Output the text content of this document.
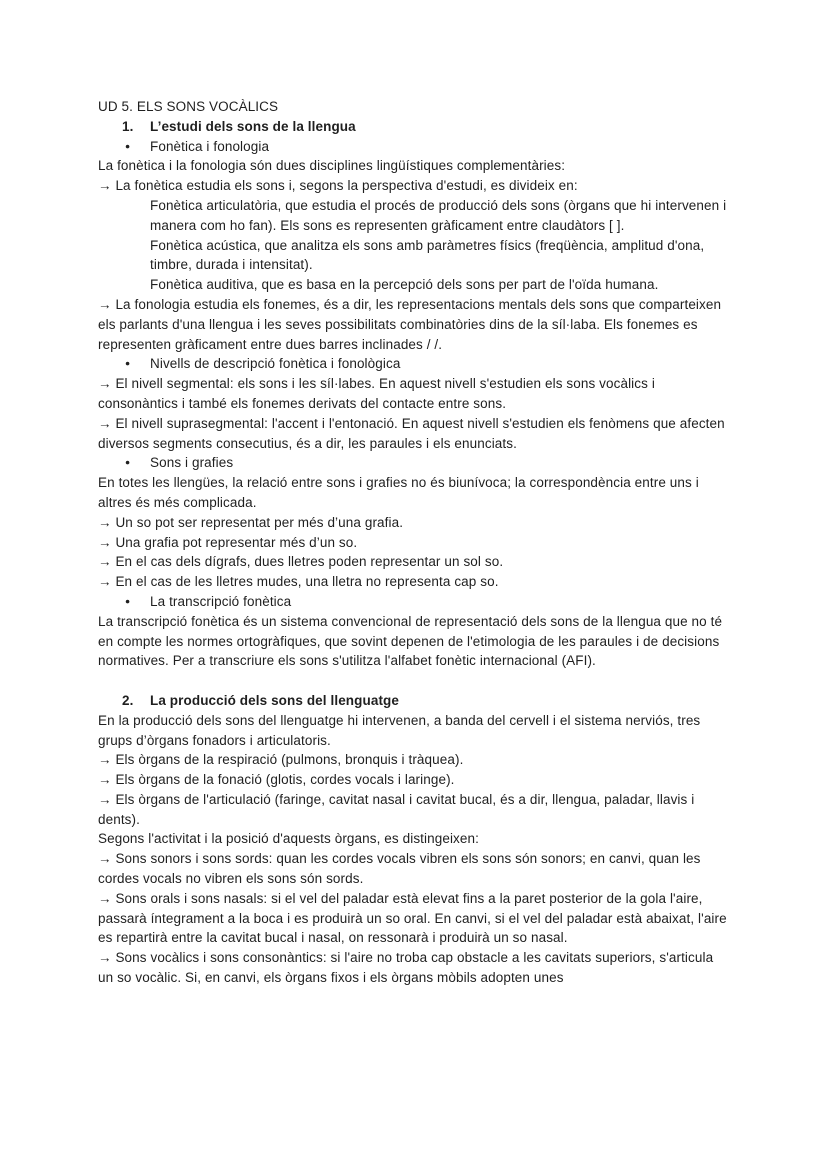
UD 5. ELS SONS VOCÀLICS

1. L’estudi dels sons de la llengua
● Fonètica i fonologia
La fonètica i la fonologia són dues disciplines lingüístiques complementàries:
→ La fonètica estudia els sons i, segons la perspectiva d'estudi, es divideix en:
Fonètica articulatòria, que estudia el procés de producció dels sons (òrgans que hi intervenen i manera com ho fan). Els sons es representen gràficament entre claudàtors [ ].
Fonètica acústica, que analitza els sons amb paràmetres físics (freqüència, amplitud d'ona, timbre, durada i intensitat).
Fonètica auditiva, que es basa en la percepció dels sons per part de l'oïda humana.
→ La fonologia estudia els fonemes, és a dir, les representacions mentals dels sons que comparteixen els parlants d'una llengua i les seves possibilitats combinatòries dins de la síl·laba. Els fonemes es representen gràficament entre dues barres inclinades / /.
● Nivells de descripció fonètica i fonològica
→ El nivell segmental: els sons i les síl·labes. En aquest nivell s'estudien els sons vocàlics i consonàntics i també els fonemes derivats del contacte entre sons.
→ El nivell suprasegmental: l'accent i l'entonació. En aquest nivell s'estudien els fenòmens que afecten diversos segments consecutius, és a dir, les paraules i els enunciats.
● Sons i grafies
En totes les llengües, la relació entre sons i grafies no és biunívoca; la correspondència entre uns i altres és més complicada.
→ Un so pot ser representat per més d’una grafia.
→ Una grafia pot representar més d’un so.
→ En el cas dels dígrafs, dues lletres poden representar un sol so.
→ En el cas de les lletres mudes, una lletra no representa cap so.
● La transcripció fonètica
La transcripció fonètica és un sistema convencional de representació dels sons de la llengua que no té en compte les normes ortogràfiques, que sovint depenen de l'etimologia de les paraules i de decisions normatives. Per a transcriure els sons s'utilitza l'alfabet fonètic internacional (AFI).
2. La producció dels sons del llenguatge
En la producció dels sons del llenguatge hi intervenen, a banda del cervell i el sistema nerviós, tres grups d’òrgans fonadors i articulatoris.
→ Els òrgans de la respiració (pulmons, bronquis i tràquea).
→ Els òrgans de la fonació (glotis, cordes vocals i laringe).
→ Els òrgans de l'articulació (faringe, cavitat nasal i cavitat bucal, és a dir, llengua, paladar, llavis i dents).
Segons l'activitat i la posició d'aquests òrgans, es distingeixen:
→ Sons sonors i sons sords: quan les cordes vocals vibren els sons són sonors; en canvi, quan les cordes vocals no vibren els sons són sords.
→ Sons orals i sons nasals: si el vel del paladar està elevat fins a la paret posterior de la gola l'aire, passarà íntegrament a la boca i es produirà un so oral. En canvi, si el vel del paladar està abaixat, l'aire es repartirà entre la cavitat bucal i nasal, on ressonarà i produirà un so nasal.
→ Sons vocàlics i sons consonàntics: si l'aire no troba cap obstacle a les cavitats superiors, s'articula un so vocàlic. Si, en canvi, els òrgans fixos i els òrgans mòbils adopten unes
